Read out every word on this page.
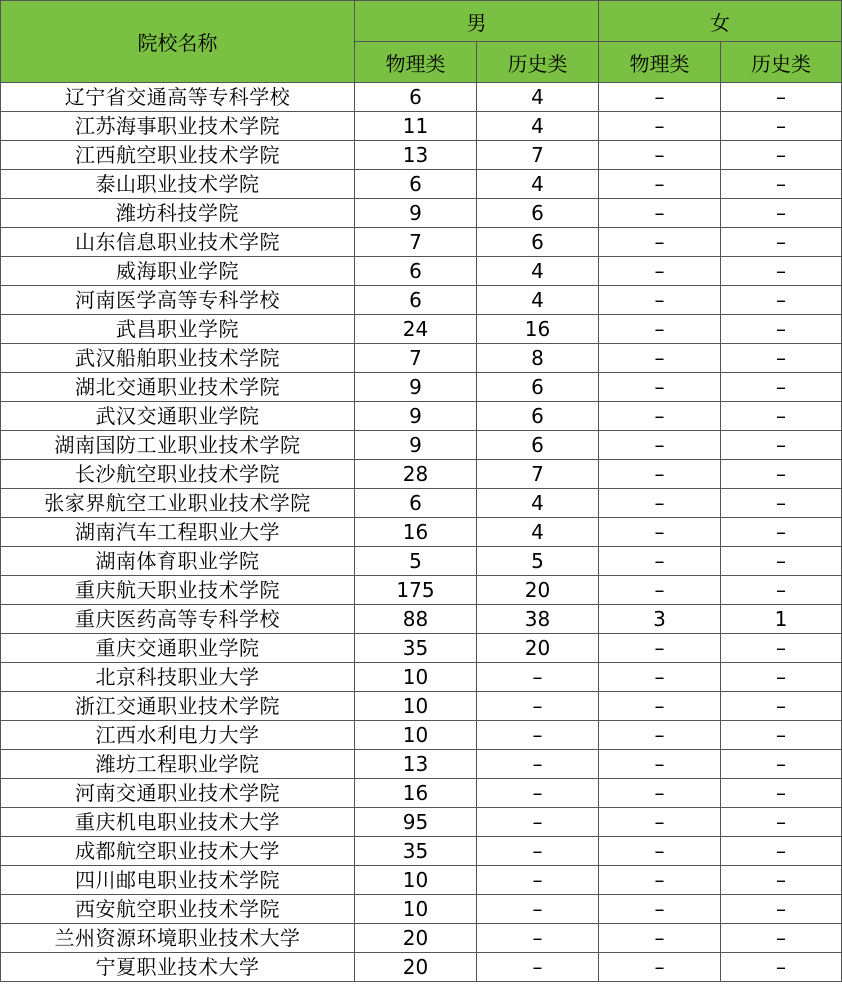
院校名称	男		女	
	物理类	历史类	物理类	历史类
辽宁省交通高等专科学校	6	4	–	–
江苏海事职业技术学院	11	4	–	–
江西航空职业技术学院	13	7	–	–
泰山职业技术学院	6	4	–	–
潍坊科技学院	9	6	–	–
山东信息职业技术学院	7	6	–	–
威海职业学院	6	4	–	–
河南医学高等专科学校	6	4	–	–
武昌职业学院	24	16	–	–
武汉船舶职业技术学院	7	8	–	–
湖北交通职业技术学院	9	6	–	–
武汉交通职业学院	9	6	–	–
湖南国防工业职业技术学院	9	6	–	–
长沙航空职业技术学院	28	7	–	–
张家界航空工业职业技术学院	6	4	–	–
湖南汽车工程职业大学	16	4	–	–
湖南体育职业学院	5	5	–	–
重庆航天职业技术学院	175	20	–	–
重庆医药高等专科学校	88	38	3	1
重庆交通职业学院	35	20	–	–
北京科技职业大学	10	–	–	–
浙江交通职业技术学院	10	–	–	–
江西水利电力大学	10	–	–	–
潍坊工程职业学院	13	–	–	–
河南交通职业技术学院	16	–	–	–
重庆机电职业技术大学	95	–	–	–
成都航空职业技术大学	35	–	–	–
四川邮电职业技术学院	10	–	–	–
西安航空职业技术学院	10	–	–	–
兰州资源环境职业技术大学	20	–	–	–
宁夏职业技术大学	20	–	–	–
